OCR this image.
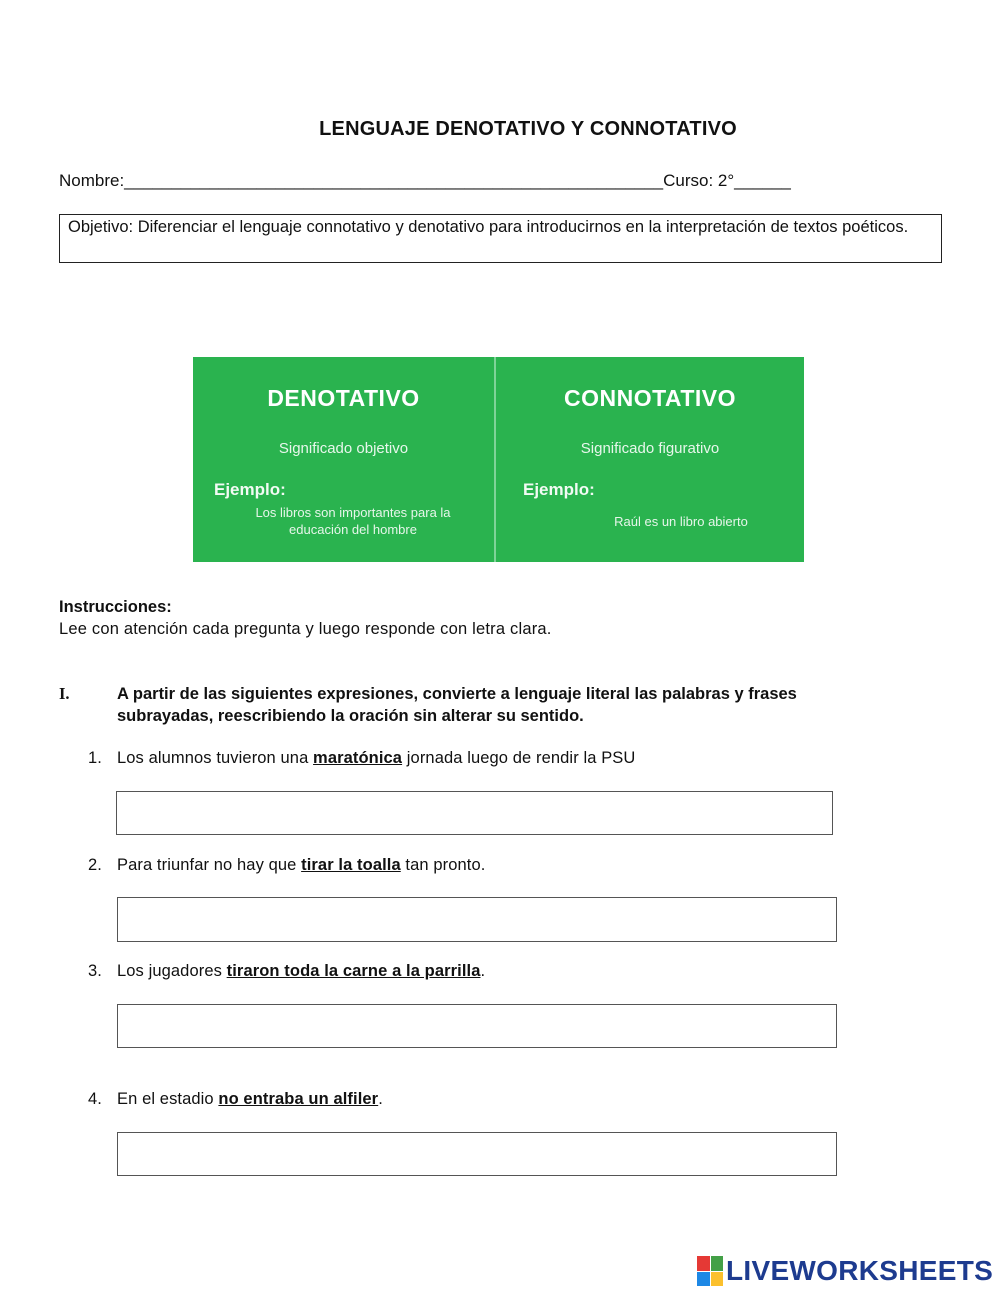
LENGUAJE DENOTATIVO Y CONNOTATIVO
Nombre:_________________________________________________________Curso: 2°______
Objetivo: Diferenciar el lenguaje connotativo y denotativo para introducirnos en la interpretación de textos poéticos.
DENOTATIVO
Significado objetivo
Ejemplo:
Los libros son importantes para la educación del hombre
CONNOTATIVO
Significado figurativo
Ejemplo:
Raúl es un libro abierto
Instrucciones:
Lee con atención cada pregunta y luego responde con letra clara.
I.	A partir de las siguientes expresiones, convierte a lenguaje literal las palabras y frases subrayadas, reescribiendo la oración sin alterar su sentido.
1. Los alumnos tuvieron una maratónica jornada luego de rendir la PSU
2. Para triunfar no hay que tirar la toalla tan pronto.
3. Los jugadores tiraron toda la carne a la parrilla.
4. En el estadio no entraba un alfiler.
LIVEWORKSHEETS
